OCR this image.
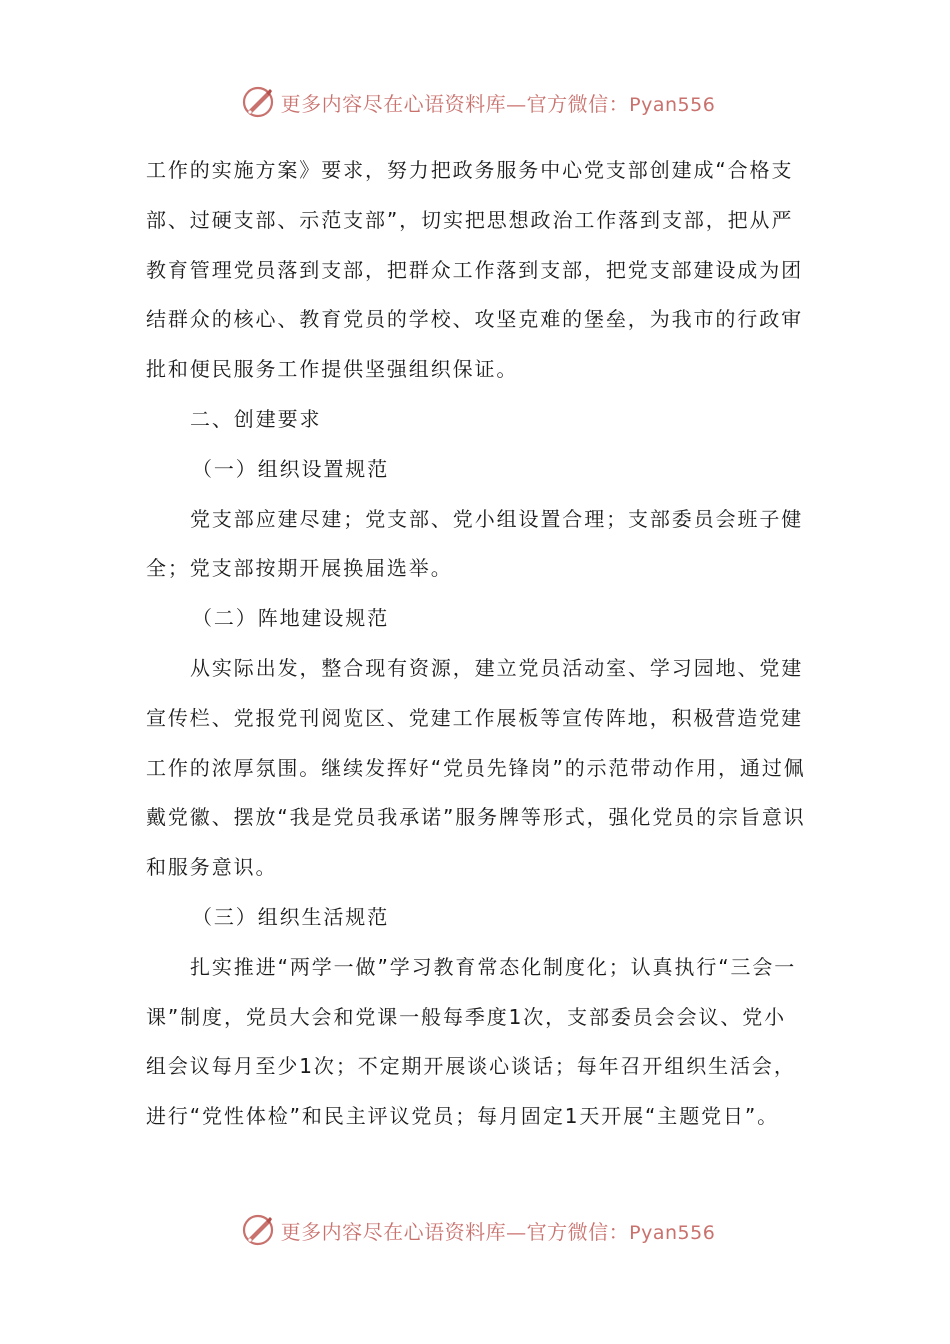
更多内容尽在心语资料库—官方微信：Pyan556

工作的实施方案》要求，努力把政务服务中心党支部创建成“合格支部、过硬支部、示范支部”，切实把思想政治工作落到支部，把从严教育管理党员落到支部，把群众工作落到支部，把党支部建设成为团结群众的核心、教育党员的学校、攻坚克难的堡垒，为我市的行政审批和便民服务工作提供坚强组织保证。

二、创建要求

（一）组织设置规范

党支部应建尽建；党支部、党小组设置合理；支部委员会班子健全；党支部按期开展换届选举。

（二）阵地建设规范

从实际出发，整合现有资源，建立党员活动室、学习园地、党建宣传栏、党报党刊阅览区、党建工作展板等宣传阵地，积极营造党建工作的浓厚氛围。继续发挥好“党员先锋岗”的示范带动作用，通过佩戴党徽、摆放“我是党员我承诺”服务牌等形式，强化党员的宗旨意识和服务意识。

（三）组织生活规范

扎实推进“两学一做”学习教育常态化制度化；认真执行“三会一课”制度，党员大会和党课一般每季度1次，支部委员会会议、党小组会议每月至少1次；不定期开展谈心谈话；每年召开组织生活会，进行“党性体检”和民主评议党员；每月固定1天开展“主题党日”。

更多内容尽在心语资料库—官方微信：Pyan556
